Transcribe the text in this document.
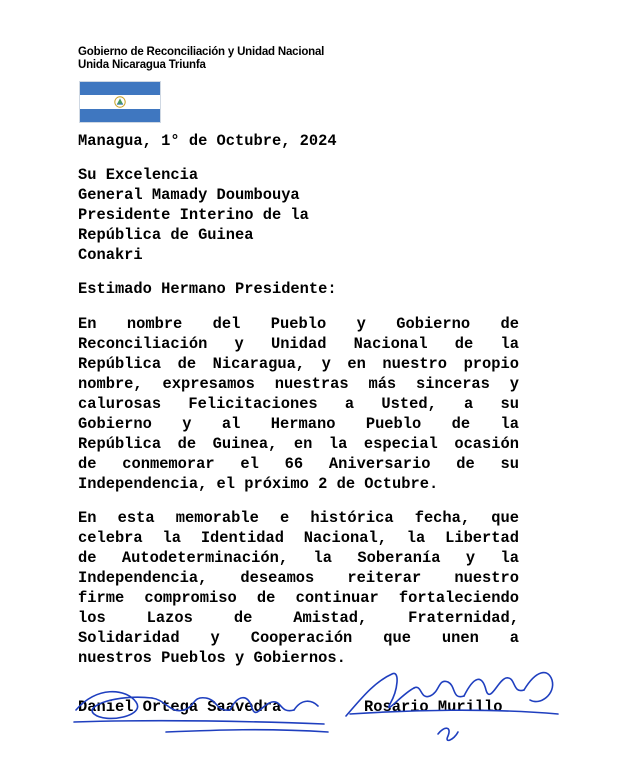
Gobierno de Reconciliación y Unidad Nacional
Unida Nicaragua Triunfa
Managua, 1° de Octubre, 2024
Su Excelencia
General Mamady Doumbouya
Presidente Interino de la
República de Guinea
Conakri
Estimado Hermano Presidente:
En nombre del Pueblo y Gobierno de
Reconciliación y Unidad Nacional de la
República de Nicaragua, y en nuestro propio
nombre, expresamos nuestras más sinceras y
calurosas Felicitaciones a Usted, a su
Gobierno y al Hermano Pueblo de la
República de Guinea, en la especial ocasión
de conmemorar el 66 Aniversario de su
Independencia, el próximo 2 de Octubre.
En esta memorable e histórica fecha, que
celebra la Identidad Nacional, la Libertad
de Autodeterminación, la Soberanía y la
Independencia, deseamos reiterar nuestro
firme compromiso de continuar fortaleciendo
los Lazos de Amistad, Fraternidad,
Solidaridad y Cooperación que unen a
nuestros Pueblos y Gobiernos.
Daniel Ortega Saavedra	Rosario Murillo
